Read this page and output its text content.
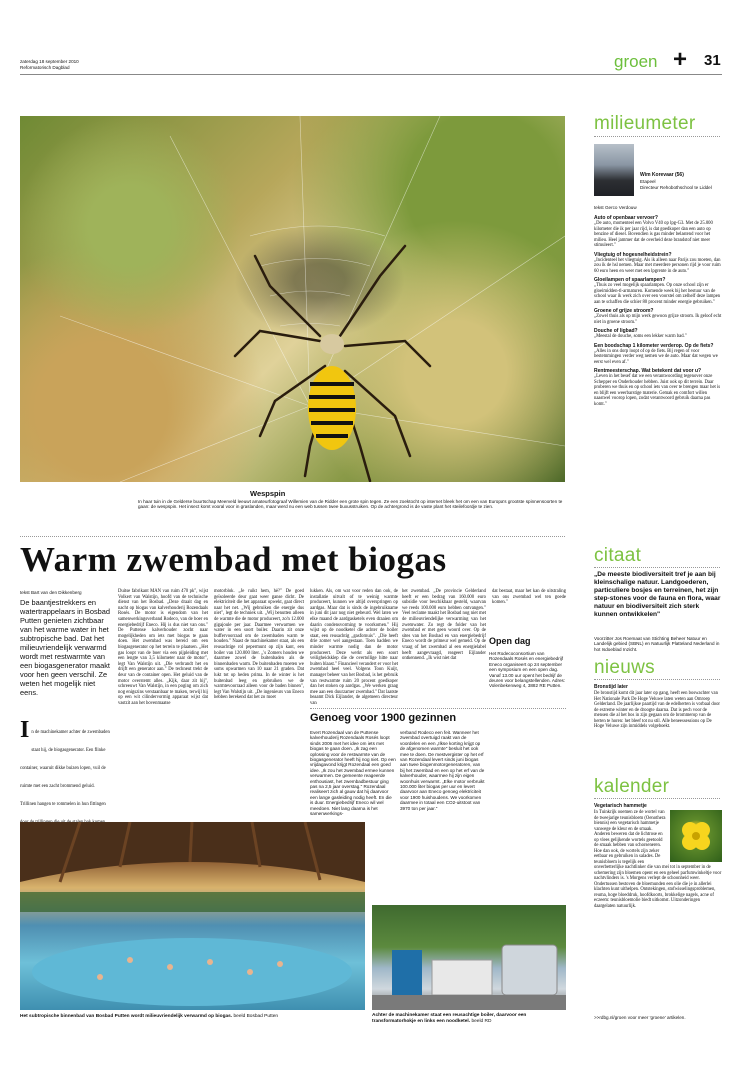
zaterdag 18 september 2010
Reformatorisch Dagblad	groen + 31
Wespspin
In haar tuin in de Gelderse buurtschap Meerveld leeuwt amateurfotograaf Willemien van de Ridder een grote spin tegen. Ze een zoektocht op internet bleek het om een van Europa's grootste spinnensoorten te gaan: de wespspin. Het insect komt vooral voor in graslanden, maar werd nu een web tussen twee buxusstruiken. Op de achtergrond is de vaste plant het steilefoordje te zien.
milieumeter
Wim Korevaar (56)
Etapeel
Directeur Rehobothschool te Liddel
tekst Gerco Verdouw
Auto of openbaar vervoer?
„De auto, momenteel een Volvo V40 op lpg-G3. Met de 25.000 kilometer die ik per jaar rijd, is dat goedkoper dan een auto op benzine of diesel. Bovendien is gas minder belastend voor het milieu. Heel jammer dat de overheid deze brandstof niet meer stimuleert."
Vliegtuig of hogesnelheidstrein?
„Incidenteel het vliegtuig. Als ik alleen naar Parijs zou moeten, dan zou ik de hsl nemen. Maar met meerdere personen rijd je voor ruim 60 euro heen en weer met een lpgrente in de auto."
Gloeilampen of spaarlampen?
„Thuis zo veel mogelijk spaarlampen. Op onze school zijn er gloeimidden-tl-armaturen. Komende week bij het bestuur van de school waar ik werk zich over een voorstel om zelhelf deze lampen aan te schaffen die schier 80 procent minder energie gebruiken."
Groene of grijze stroom?
„Zowel thuis als op mijn werk gewoon grijze stroom. Ik geloof echt niet in groene stroom."
Douche of ligbad?
„Meestal de douche, soms een lekker warm bad."
Een boodschap 1 kilometer verderop. Op de fiets?
„Alles in ons dorp loopt of op de fiets. Bij regen of voor bestemmingen verder weg nemen we de auto. Maar dat wegen we eerst wel even af."
Rentmeesterschap. Wat betekent dat voor u?
„Leven in het besef dat we een verantwoording tegenover onze Schepper en Onderhouder hebben. Juist ook op dit terrein. Daar proberen we thuis en op school iets van over te brengen maar het is en blijft een weerbarstige materie. Gemak en comfort willen naastwel voorop lopen, zodat verantwoord gebruik daarna pas komt."
Warm zwembad met biogas
tekst Bart van den Dikkenberg
De baantjestrekkers en watertrappelaars in Bosbad Putten genieten zichtbaar van het warme water in het subtropische bad. Dat het milieuvriendelijk verwarmd wordt met restwarmte van een biogasgenerator maakt voor hen geen verschil. Ze weten het mogelijk niet eens.
I n de machinekamer achter de zwembaden staat hij, de biogasgenerator. Een flinke container, waaruit dikke buizen lopen, vuil de ruimte met een zacht brommend geluid. Trillinen hangen te rommelen in hun fittingen
Duitse fabrikant MAN van ruim 470 pk", wijst Volkert van Walstijn, hoofd van de technische dienst van het Bosbad. „Deze draait dag en nacht op biogas van kalverhouderij Rozendaals Rosés. De motor is eigendom van het samenwerkingsverband Rodeco, van de boer en energiebedrijf Eneco. Hij is dus niet van ons." De Puttense kalverhouder zocht naar mogelijkheden om iets met biogas te gaan doen. Het zwembad was bereid om een biogasgenerator op het terrein te plaatsen. „Het gas loopt van de boer via een pijpleiding met een lengte van 3,5 kilometer naar de motor", legt Van Walstijn uit. „Die verbrandt het en drijft een generator aan." De techneut trekt de deur van de container open. Het geluid van de motor overstemt alles. „Kijk, daar zit hij", schreeuwt Van Walstijn, in een poging om zich nog enigszins verstaanbaar te maken, terwijl hij op een wit cilindervormig apparaat wijst dat vastzit aan het bovenmaatse
motorblok. „Je ruikt hem, hè?" De goed geïsoleerde deur gaat weer ganse dicht. De elektriciteit die het apparaat opwekt, gaat direct naar het net. „Wij gebruiken die energie dus niet", legt de techniek uit. „Wij benutten alleen de warmte die de motor produceert, zo'n 12.000 gigajoule per jaar. Daarmee verwarmen we water in een soort boiler. Daarin zit onze buffervoorraad om de zwembaden warm te houden." Naast de machinekamer staat, als een reusachtige rol pepermunt op zijn kant, een boiler van 120.000 liter. „'s Zomers houden we daarmee zowel de buitenbaden als de binnenbaden warm. De buitenbaden moeten we soms opwarmen van 10 naar 21 graden. Dat lukt tot op heden prima. In de winter is het buitenbad leeg en gebruiken we de warmtevoorraad alleen voor de baden binnen", legt Van Walstijn uit. „De ingenieurs van Eneco hebben berekend dat het zo moet
lukken. Als, om wat voor reden dan ook, de installatie uitvalt of te weinig warmte produceert, kunnen we altijd overspringen op aardgas. Maar dat is sinds de ingebruikname in juni dit jaar nog niet gebeurd. Wel laten we elke maand de aardgasketels even draaien om daarin condensvorming te voorkomen." Hij wijst op de noodketel die achter de boiler staat, een reusachtig „gasfornuis". „Die heeft drie zomer wel aangestaan. Toen hadden we minder warmte nodig dan de motor produceert. Deze werkt als een soort veiligheidsklep die de overtollige hitte naar buiten blaast." Financieel verandert er voor het zwembad heel veel. Volgens Toon Kuijt, manager beheer van het Bosbad, is het gebruik van restwarmte ruim 20 procent goedkoper dan het stoken op aardgas. „We werken graag mee aan een duurzamer zwembad." Dat laatste beaamt Dick Eijlander, de algemeen directeur van
het zwembad. „De provincie Gelderland heeft er een bedrag van 160.000 euro subsidie voor beschikbaar gesteld, waarvan we reeds 100.000 euro hebben ontvangen." Veel reclame maakt het Bosbad nog niet met de milieuvriendelijke verwarming van het zwemwater. Zo regt de folder van het zwembad er met geen woord over. Op de sites van het Bosbad en van energiebedrijf Eneco wordt de primeur wel gemeld. Op de vraag of het zwembad al een energielabel heeft aangevraagd, reageert Eijlander ontkennend. „Ik wist niet dat
dat bestaat, maar het kan de uitstraling van ons zwembad wel ten goede komen."
Open dag
Het Rodecoconsortium van Rozendaals Rosés en energiebedrijf Eneco organiseert op 24 september een symposium en een open dag. Vanaf 13.00 uur opent het bedrijf de deuren voor belangstellenden. Adres: Volenbekenweg 4, 3882 RE Putten.
Genoeg voor 1900 gezinnen
Evert Rozendaal van de Puttense kalverhouderij Rozendaals Rosés loopt sinds 2006 met het idee om iets met biogas te gaan doen. „Ik zag een oplossing voor de restwarmte van de biogasgenerator heeft hij nog niet. Op een vrijdagavond krijgt Rozendaal een goed idee. „Ik zou het zwembad ermee kunnen verwarmen. De gemeente reageerde enthousiast, het zwembadbestuur ging pas na 2,5 jaar overstag." Rozendaal realiseert zich al gauw dat hij daarvoor een lange gasleiding nodig heeft. En die is duur. Energiebedrijf Eneco wil wel meedoen. Niet lang daarna is het samenwerkings-
verband Rodeco een feit. Wanneer het zwembad overtuigd raakt van de voordelen en een „Ilkse korting krijgt op de afgenomen warmte" besluit het ook mee te doen. De mestvergister op het erf van Rozendaal levert sinds juni biogas aan twee biogenmotorgeneratoren, van bij het zwembad en een op het erf van de kalverhouder, waarmee hij zijn eigen woonhuis verwarmt. „Elke motor verbruikt 100.000 liter biogas per uur en levert daarvoor aan Eneco genoeg elektriciteit voor 1900 huishoudens. We voorkomen daarmee in totaal een CO2-uitstoot van 3970 ton per jaar."
Het subtropische binnenbad van Bosbad Putten wordt milieuvriendelijk verwarmd op biogas. beeld Bosbad Putten	Achter de machinekamer staat een reusachtige boiler, daarvoor een transformatorhokje en links een noodketel. beeld RD
citaat
„De meeste biodiversiteit tref je aan bij kleinschalige natuur. Landgoederen, particuliere bosjes en terreinen, het zijn step-stones voor de fauna en flora, waar natuur en biodiversiteit zich sterk kunnen ontwikkelen"
Voorzitter Jos Roemaat van Stichting Beheer Natuur en Landelijk gebied (SBNL) en Natuurlijk Platteland Nederland in hot Isdoeblad Inzicht.
nieuws
Bronstijd later
De bronstijd komt dit jaar later op gang, heeft een boswachter van Het Nationale Park De Hoge Veluwe laten weten aan Omroep Gelderland. De jaarlijkse paartijd van de edelherten is vorbaal door de extreme winter en de droogte daarna. Dat is pech voor de mensen die al het bos in zijn gegaan om de brommerop van de herten te horen: het bleef tot nu stil. Alle beneessessions op De Hoge Veluwe zijn inmiddels volgeboekt.
kalender
Vegetarisch hammetje
In Tuinkrijk ooemen ze de wortel van de tweejarige teunisbloem (Oenothera biennis) een vegetarisch hammetje vanwege de kleur en de smaak. Anderen beweren dat de lichtrose en op vlees gelijkende wortels geetoold de smaak hebben van schorseneren. Hoe dan ook, de wortels zijn zeker eetbaar en gebruiken in salades. De teunisbloem is tegelijk een onverbetterlijke nachtlinker die van mei tot in september in de schemering zijn bloemen opent en een geheel parfumwinkeltje voor nachtvlinders is. 's Morgens verlept de schoonheid weer. Ondertussen bestoven de bloemunden een olie die je in allerlei klachten kunt uithelpen. Ontstekingen, stofwisselingsproblemen, reuma, hoge bloeddruk, hoofdkoorts, brokkelige nagels, acne of eczeem: teunisbloemolie biedt uitkomst. Uitzonderingen daargelaten natuurlijk.
>>rdbg.nl/groen voor meer 'groene' artikelen.
